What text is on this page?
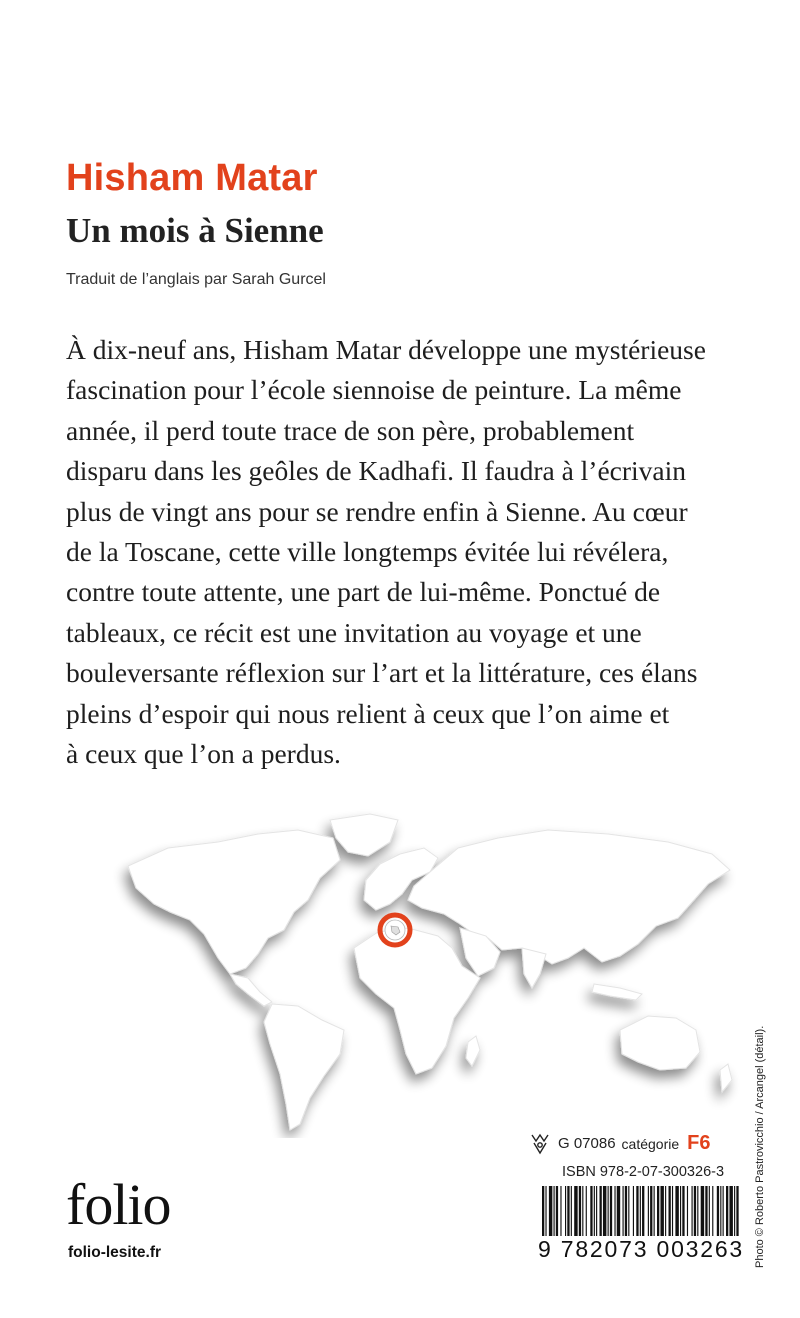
Hisham Matar
Un mois à Sienne

Traduit de l’anglais par Sarah Gurcel

À dix-neuf ans, Hisham Matar développe une mystérieuse
fascination pour l’école siennoise de peinture. La même
année, il perd toute trace de son père, probablement
disparu dans les geôles de Kadhafi. Il faudra à l’écrivain
plus de vingt ans pour se rendre enfin à Sienne. Au cœur
de la Toscane, cette ville longtemps évitée lui révélera,
contre toute attente, une part de lui-même. Ponctué de
tableaux, ce récit est une invitation au voyage et une
bouleversante réflexion sur l’art et la littérature, ces élans
pleins d’espoir qui nous relient à ceux que l’on aime et
à ceux que l’on a perdus.
G 07086 catégorie F6
ISBN 978-2-07-300326-3
9 782073 003263
folio
folio-lesite.fr	Photo © Roberto Pastrovicchio / Arcangel (détail).
